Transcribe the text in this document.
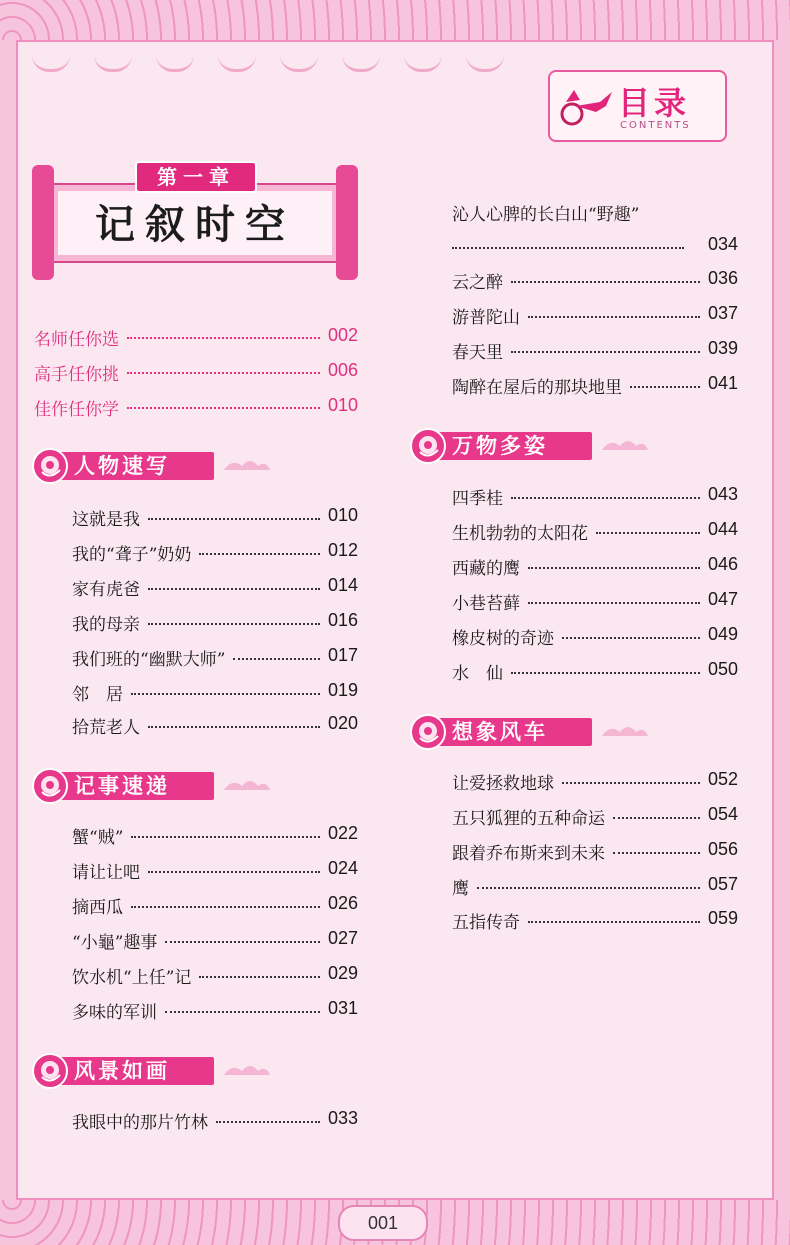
目录
CONTENTS
第一章
记叙时空
名师任你选	002
高手任你挑	006
佳作任你学	010
人物速写
这就是我	010
我的“聋子”奶奶	012
家有虎爸	014
我的母亲	016
我们班的“幽默大师”	017
邻　居	019
拾荒老人	020
记事速递
蟹“贼”	022
请让让吧	024
摘西瓜	026
“小龜”趣事	027
饮水机“上任”记	029
多味的军训	031
风景如画
我眼中的那片竹林	033
沁人心脾的长白山“野趣”
034
云之醉	036
游普陀山	037
春天里	039
陶醉在屋后的那块地里	041
万物多姿
四季桂	043
生机勃勃的太阳花	044
西藏的鹰	046
小巷苔藓	047
橡皮树的奇迹	049
水　仙	050
想象风车
让爱拯救地球	052
五只狐狸的五种命运	054
跟着乔布斯来到未来	056
鹰	057
五指传奇	059
001
